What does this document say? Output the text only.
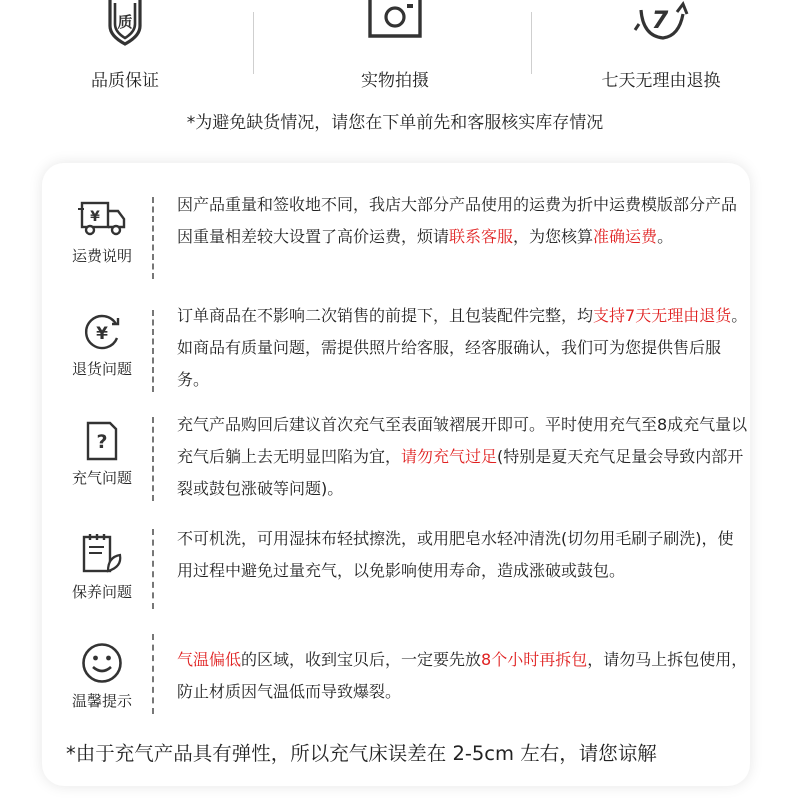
质
品质保证	实物拍摄
7
七天无理由退换
*为避免缺货情况，请您在下单前先和客服核实库存情况
¥
运费说明
因产品重量和签收地不同，我店大部分产品使用的运费为折中运费模版部分产品因重量相差较大设置了高价运费，烦请联系客服，为您核算准确运费。
¥
退货问题
订单商品在不影响二次销售的前提下，且包装配件完整，均支持7天无理由退货。如商品有质量问题，需提供照片给客服，经客服确认，我们可为您提供售后服务。
?
充气问题
充气产品购回后建议首次充气至表面皱褶展开即可。平时使用充气至8成充气量以充气后躺上去无明显凹陷为宜，请勿充气过足(特别是夏天充气足量会导致内部开裂或鼓包涨破等问题)。
保养问题
不可机洗，可用湿抹布轻拭擦洗，或用肥皂水轻冲清洗(切勿用毛刷子刷洗)，使用过程中避免过量充气，以免影响使用寿命，造成涨破或鼓包。
温馨提示
气温偏低的区域，收到宝贝后，一定要先放8个小时再拆包，请勿马上拆包使用，防止材质因气温低而导致爆裂。
*由于充气产品具有弹性，所以充气床误差在 2-5cm 左右，请您谅解
